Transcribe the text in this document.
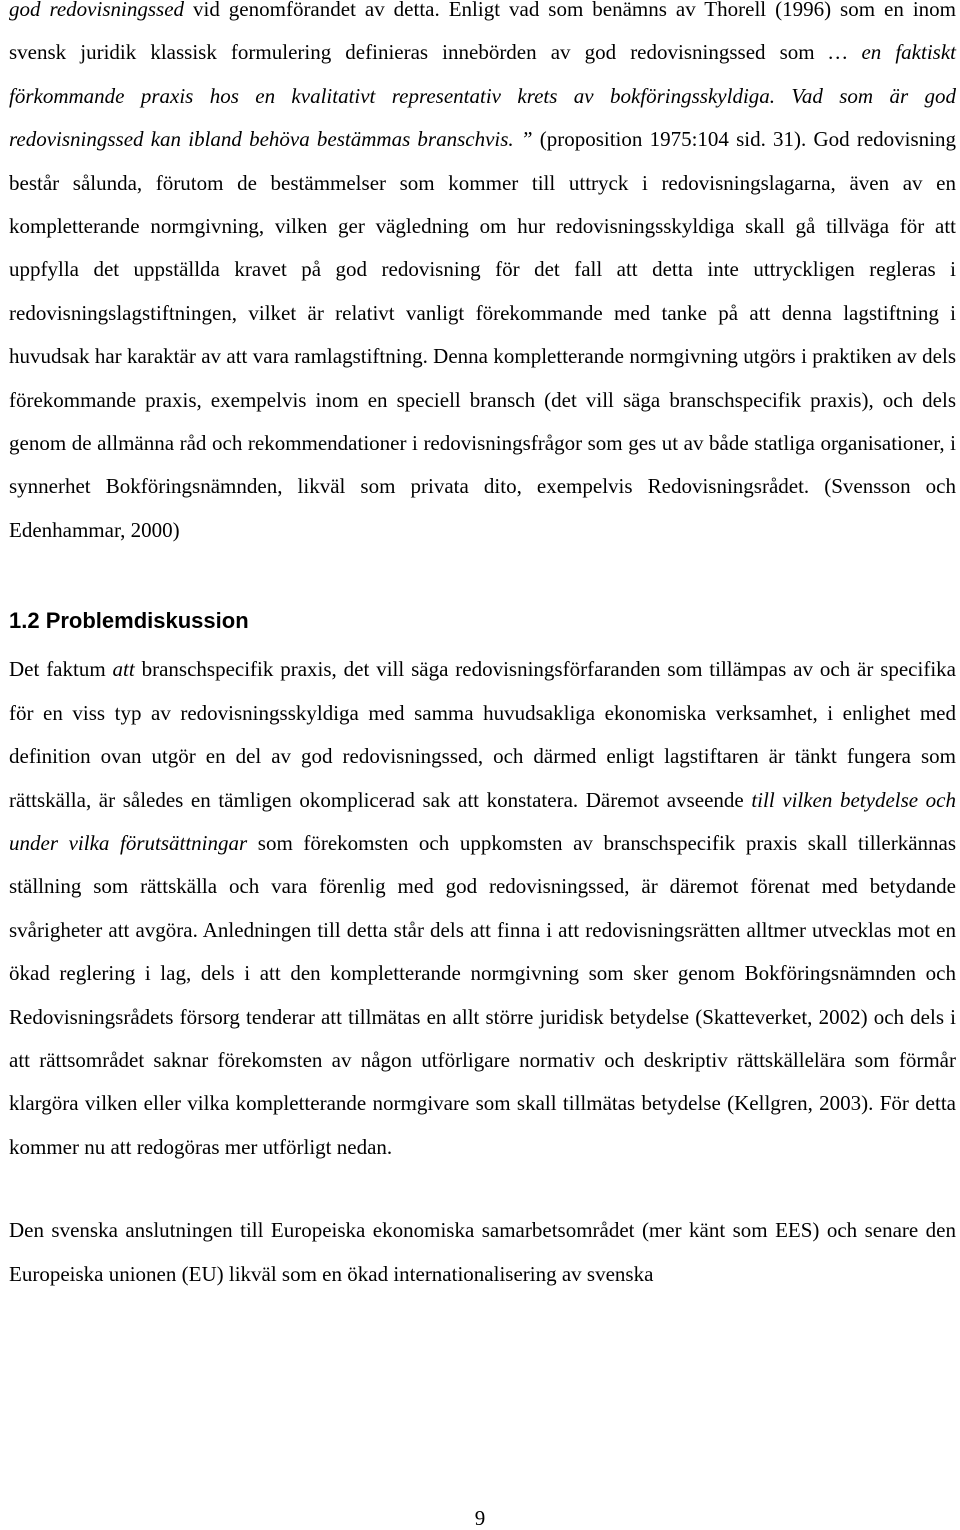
god redovisningssed vid genomförandet av detta. Enligt vad som benämns av Thorell (1996) som en inom svensk juridik klassisk formulering definieras innebörden av god redovisningssed som … en faktiskt förkommande praxis hos en kvalitativt representativ krets av bokföringsskyldiga. Vad som är god redovisningssed kan ibland behöva bestämmas branschvis. ” (proposition 1975:104 sid. 31). God redovisning består sålunda, förutom de bestämmelser som kommer till uttryck i redovisningslagarna, även av en kompletterande normgivning, vilken ger vägledning om hur redovisningsskyldiga skall gå tillväga för att uppfylla det uppställda kravet på god redovisning för det fall att detta inte uttryckligen regleras i redovisningslagstiftningen, vilket är relativt vanligt förekommande med tanke på att denna lagstiftning i huvudsak har karaktär av att vara ramlagstiftning. Denna kompletterande normgivning utgörs i praktiken av dels förekommande praxis, exempelvis inom en speciell bransch (det vill säga branschspecifik praxis), och dels genom de allmänna råd och rekommendationer i redovisningsfrågor som ges ut av både statliga organisationer, i synnerhet Bokföringsnämnden, likväl som privata dito, exempelvis Redovisningsrådet. (Svensson och Edenhammar, 2000)

1.2 Problemdiskussion

Det faktum att branschspecifik praxis, det vill säga redovisningsförfaranden som tillämpas av och är specifika för en viss typ av redovisningsskyldiga med samma huvudsakliga ekonomiska verksamhet, i enlighet med definition ovan utgör en del av god redovisningssed, och därmed enligt lagstiftaren är tänkt fungera som rättskälla, är således en tämligen okomplicerad sak att konstatera. Däremot avseende till vilken betydelse och under vilka förutsättningar som förekomsten och uppkomsten av branschspecifik praxis skall tillerkännas ställning som rättskälla och vara förenlig med god redovisningssed, är däremot förenat med betydande svårigheter att avgöra. Anledningen till detta står dels att finna i att redovisningsrätten alltmer utvecklas mot en ökad reglering i lag, dels i att den kompletterande normgivning som sker genom Bokföringsnämnden och Redovisningsrådets försorg tenderar att tillmätas en allt större juridisk betydelse (Skatteverket, 2002) och dels i att rättsområdet saknar förekomsten av någon utförligare normativ och deskriptiv rättskällelära som förmår klargöra vilken eller vilka kompletterande normgivare som skall tillmätas betydelse (Kellgren, 2003). För detta kommer nu att redogöras mer utförligt nedan.

Den svenska anslutningen till Europeiska ekonomiska samarbetsområdet (mer känt som EES) och senare den Europeiska unionen (EU) likväl som en ökad internationalisering av svenska

9
